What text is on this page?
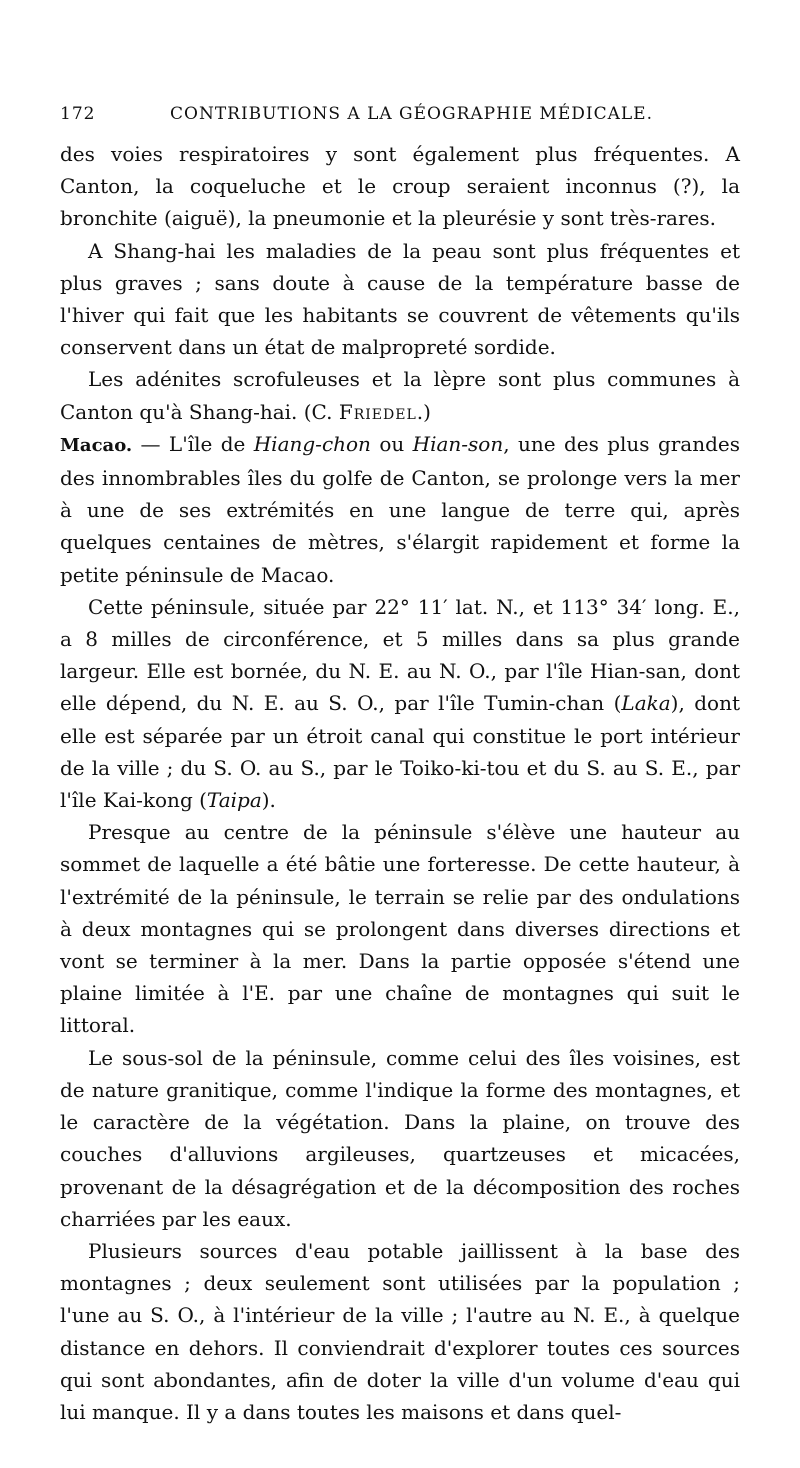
172	CONTRIBUTIONS A LA GÉOGRAPHIE MÉDICALE.

des voies respiratoires y sont également plus fréquentes. A Canton, la coqueluche et le croup seraient inconnus (?), la bronchite (aiguë), la pneumonie et la pleurésie y sont très-rares.

A Shang-hai les maladies de la peau sont plus fréquentes et plus graves ; sans doute à cause de la température basse de l'hiver qui fait que les habitants se couvrent de vêtements qu'ils conservent dans un état de malpropreté sordide.

Les adénites scrofuleuses et la lèpre sont plus communes à Canton qu'à Shang-hai. (C. Friedel.)

Macao. — L'île de Hiang-chon ou Hian-son, une des plus grandes des innombrables îles du golfe de Canton, se prolonge vers la mer à une de ses extrémités en une langue de terre qui, après quelques centaines de mètres, s'élargit rapidement et forme la petite péninsule de Macao.

Cette péninsule, située par 22° 11′ lat. N., et 113° 34′ long. E., a 8 milles de circonférence, et 5 milles dans sa plus grande largeur. Elle est bornée, du N. E. au N. O., par l'île Hian-san, dont elle dépend, du N. E. au S. O., par l'île Tumin-chan (Laka), dont elle est séparée par un étroit canal qui constitue le port intérieur de la ville ; du S. O. au S., par le Toiko-ki-tou et du S. au S. E., par l'île Kai-kong (Taipa).

Presque au centre de la péninsule s'élève une hauteur au sommet de laquelle a été bâtie une forteresse. De cette hauteur, à l'extrémité de la péninsule, le terrain se relie par des ondulations à deux montagnes qui se prolongent dans diverses directions et vont se terminer à la mer. Dans la partie opposée s'étend une plaine limitée à l'E. par une chaîne de montagnes qui suit le littoral.

Le sous-sol de la péninsule, comme celui des îles voisines, est de nature granitique, comme l'indique la forme des montagnes, et le caractère de la végétation. Dans la plaine, on trouve des couches d'alluvions argileuses, quartzeuses et micacées, provenant de la désagrégation et de la décomposition des roches charriées par les eaux.

Plusieurs sources d'eau potable jaillissent à la base des montagnes ; deux seulement sont utilisées par la population ; l'une au S. O., à l'intérieur de la ville ; l'autre au N. E., à quelque distance en dehors. Il conviendrait d'explorer toutes ces sources qui sont abondantes, afin de doter la ville d'un volume d'eau qui lui manque. Il y a dans toutes les maisons et dans quel-
